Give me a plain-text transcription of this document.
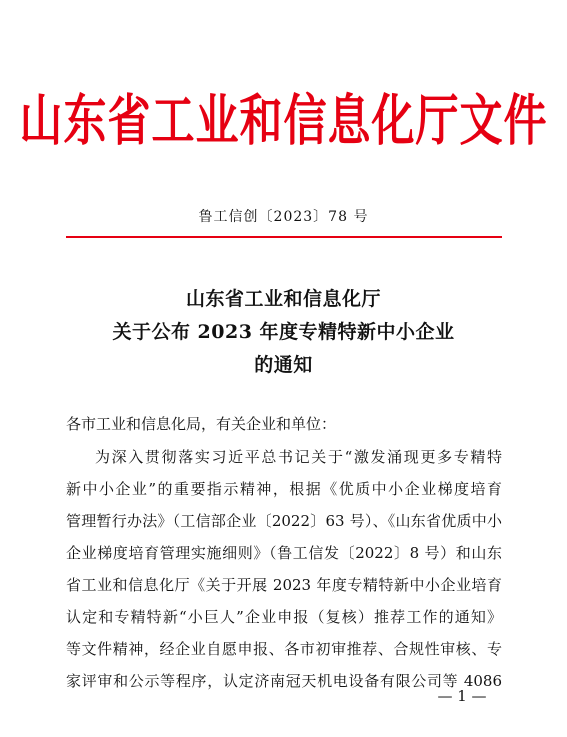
山东省工业和信息化厅文件
鲁工信创〔2023〕78 号
山东省工业和信息化厅
关于公布 2023 年度专精特新中小企业
的通知
各市工业和信息化局，有关企业和单位：
为深入贯彻落实习近平总书记关于“激发涌现更多专精特
新中小企业”的重要指示精神，根据《优质中小企业梯度培育
管理暂行办法》（工信部企业〔2022〕63 号）、《山东省优质中小
企业梯度培育管理实施细则》（鲁工信发〔2022〕8 号）和山东
省工业和信息化厅《关于开展 2023 年度专精特新中小企业培育
认定和专精特新“小巨人”企业申报（复核）推荐工作的通知》
等文件精神，经企业自愿申报、各市初审推荐、合规性审核、专
家评审和公示等程序，认定济南冠天机电设备有限公司等 4086
— 1 —
